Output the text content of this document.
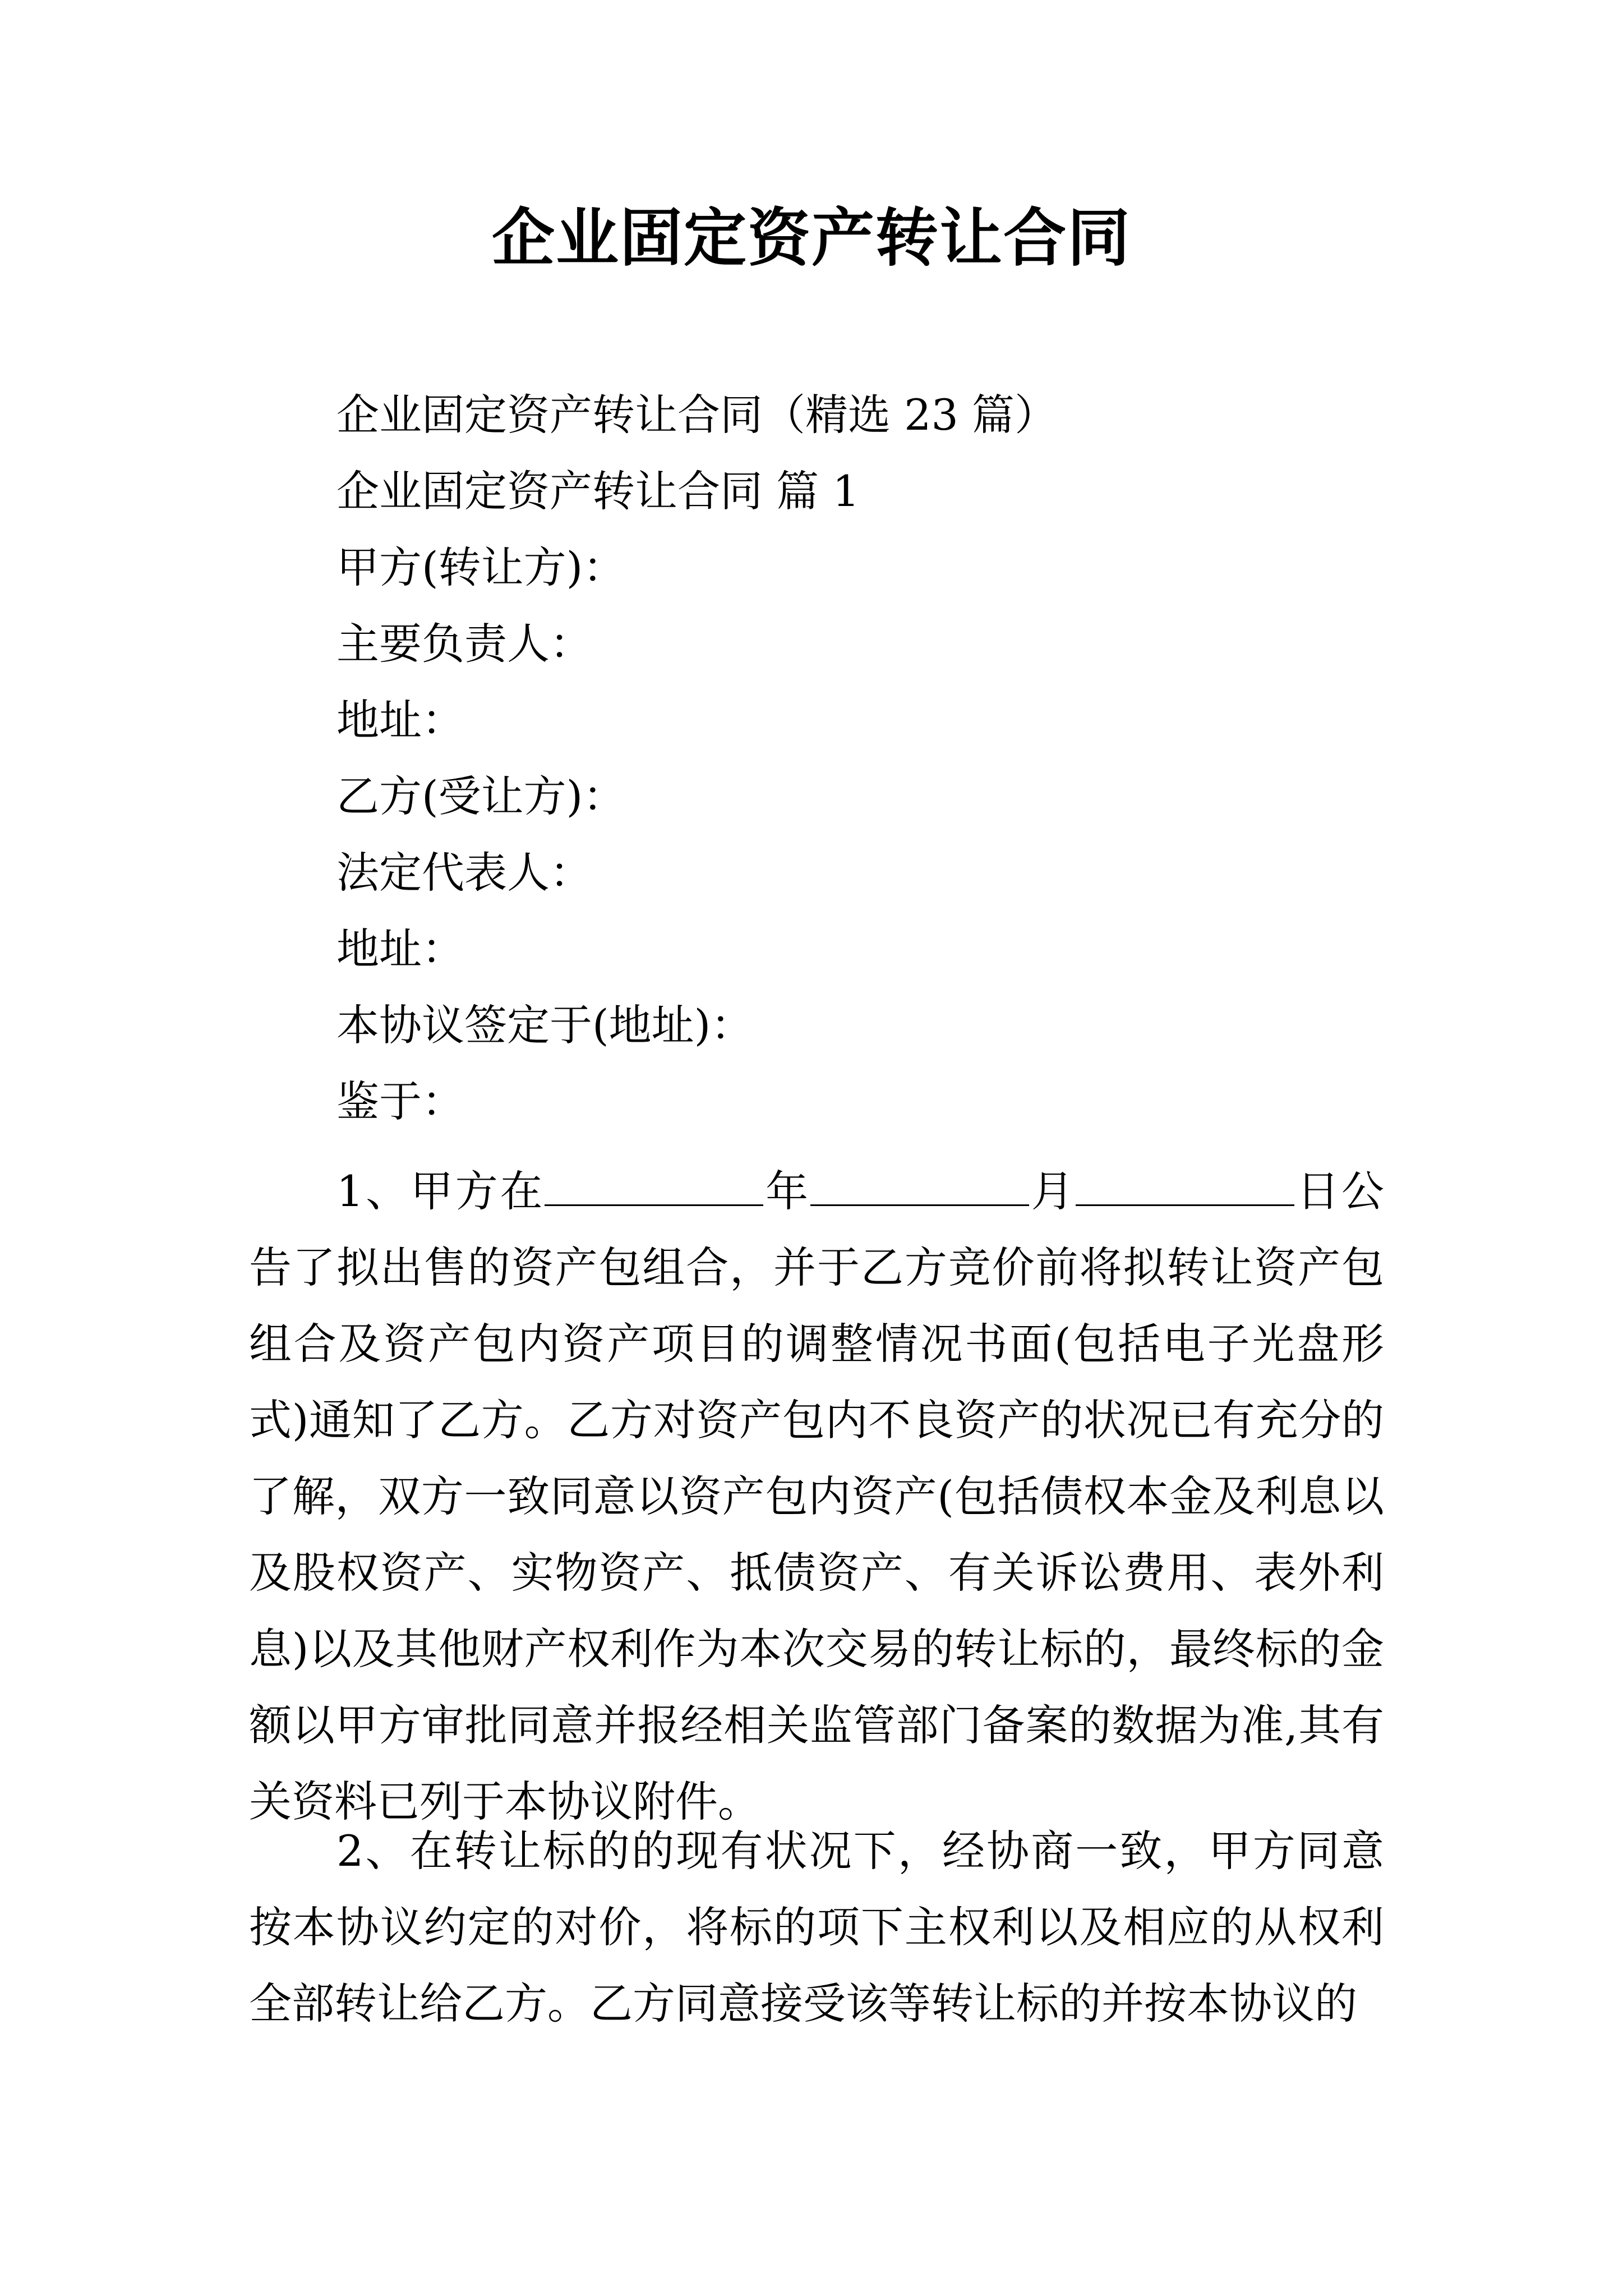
企业固定资产转让合同

企业固定资产转让合同（精选 23 篇）

企业固定资产转让合同 篇 1

甲方(转让方)：

主要负责人：

地址：

乙方(受让方)：

法定代表人：

地址：

本协议签定于(地址)：

鉴于：

1、甲方在	年	月	日公告了拟出售的资产包组合，并于乙方竞价前将拟转让资产包组合及资产包内资产项目的调整情况书面(包括电子光盘形式)通知了乙方。乙方对资产包内不良资产的状况已有充分的了解，双方一致同意以资产包内资产(包括债权本金及利息以及股权资产、实物资产、抵债资产、有关诉讼费用、表外利息)以及其他财产权利作为本次交易的转让标的，最终标的金额以甲方审批同意并报经相关监管部门备案的数据为准,其有关资料已列于本协议附件。

2、在转让标的的现有状况下，经协商一致，甲方同意按本协议约定的对价，将标的项下主权利以及相应的从权利全部转让给乙方。乙方同意接受该等转让标的并按本协议的
